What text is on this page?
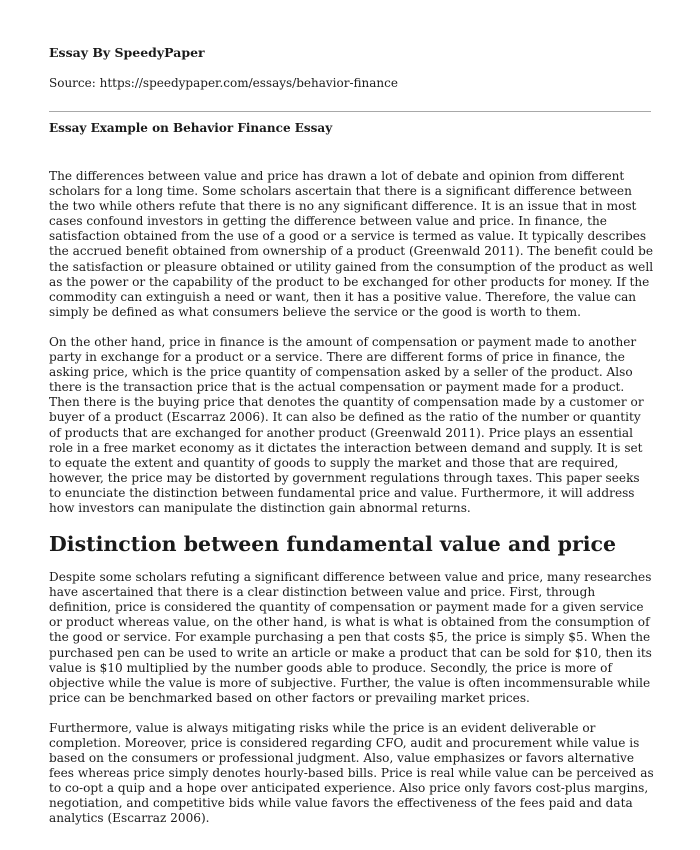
Essay By SpeedyPaper

Source: https://speedypaper.com/essays/behavior-finance

Essay Example on Behavior Finance Essay

The differences between value and price has drawn a lot of debate and opinion from different scholars for a long time. Some scholars ascertain that there is a significant difference between the two while others refute that there is no any significant difference. It is an issue that in most cases confound investors in getting the difference between value and price. In finance, the satisfaction obtained from the use of a good or a service is termed as value. It typically describes the accrued benefit obtained from ownership of a product (Greenwald 2011). The benefit could be the satisfaction or pleasure obtained or utility gained from the consumption of the product as well as the power or the capability of the product to be exchanged for other products for money. If the commodity can extinguish a need or want, then it has a positive value. Therefore, the value can simply be defined as what consumers believe the service or the good is worth to them.

On the other hand, price in finance is the amount of compensation or payment made to another party in exchange for a product or a service. There are different forms of price in finance, the asking price, which is the price quantity of compensation asked by a seller of the product. Also there is the transaction price that is the actual compensation or payment made for a product. Then there is the buying price that denotes the quantity of compensation made by a customer or buyer of a product (Escarraz 2006). It can also be defined as the ratio of the number or quantity of products that are exchanged for another product (Greenwald 2011). Price plays an essential role in a free market economy as it dictates the interaction between demand and supply. It is set to equate the extent and quantity of goods to supply the market and those that are required, however, the price may be distorted by government regulations through taxes. This paper seeks to enunciate the distinction between fundamental price and value. Furthermore, it will address how investors can manipulate the distinction gain abnormal returns.

Distinction between fundamental value and price

Despite some scholars refuting a significant difference between value and price, many researches have ascertained that there is a clear distinction between value and price. First, through definition, price is considered the quantity of compensation or payment made for a given service or product whereas value, on the other hand, is what is what is obtained from the consumption of the good or service. For example purchasing a pen that costs $5, the price is simply $5. When the purchased pen can be used to write an article or make a product that can be sold for $10, then its value is $10 multiplied by the number goods able to produce. Secondly, the price is more of objective while the value is more of subjective. Further, the value is often incommensurable while price can be benchmarked based on other factors or prevailing market prices.

Furthermore, value is always mitigating risks while the price is an evident deliverable or completion. Moreover, price is considered regarding CFO, audit and procurement while value is based on the consumers or professional judgment. Also, value emphasizes or favors alternative fees whereas price simply denotes hourly-based bills. Price is real while value can be perceived as to co-opt a quip and a hope over anticipated experience. Also price only favors cost-plus margins, negotiation, and competitive bids while value favors the effectiveness of the fees paid and data analytics (Escarraz 2006).
